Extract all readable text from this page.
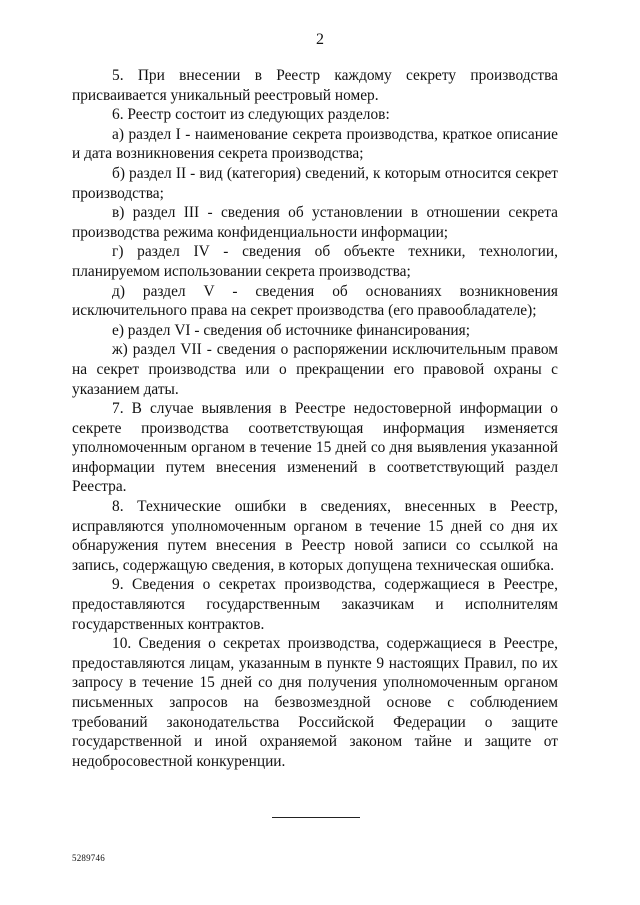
2

5. При внесении в Реестр каждому секрету производства присваивается уникальный реестровый номер.

6. Реестр состоит из следующих разделов:

а) раздел I - наименование секрета производства, краткое описание и дата возникновения секрета производства;

б) раздел II - вид (категория) сведений, к которым относится секрет производства;

в) раздел III - сведения об установлении в отношении секрета производства режима конфиденциальности информации;

г) раздел IV - сведения об объекте техники, технологии, планируемом использовании секрета производства;

д) раздел V - сведения об основаниях возникновения исключительного права на секрет производства (его правообладателе);

е) раздел VI - сведения об источнике финансирования;

ж) раздел VII - сведения о распоряжении исключительным правом на секрет производства или о прекращении его правовой охраны с указанием даты.

7. В случае выявления в Реестре недостоверной информации о секрете производства соответствующая информация изменяется уполномоченным органом в течение 15 дней со дня выявления указанной информации путем внесения изменений в соответствующий раздел Реестра.

8. Технические ошибки в сведениях, внесенных в Реестр, исправляются уполномоченным органом в течение 15 дней со дня их обнаружения путем внесения в Реестр новой записи со ссылкой на запись, содержащую сведения, в которых допущена техническая ошибка.

9. Сведения о секретах производства, содержащиеся в Реестре, предоставляются государственным заказчикам и исполнителям государственных контрактов.

10. Сведения о секретах производства, содержащиеся в Реестре, предоставляются лицам, указанным в пункте 9 настоящих Правил, по их запросу в течение 15 дней со дня получения уполномоченным органом письменных запросов на безвозмездной основе с соблюдением требований законодательства Российской Федерации о защите государственной и иной охраняемой законом тайне и защите от недобросовестной конкуренции.

5289746
